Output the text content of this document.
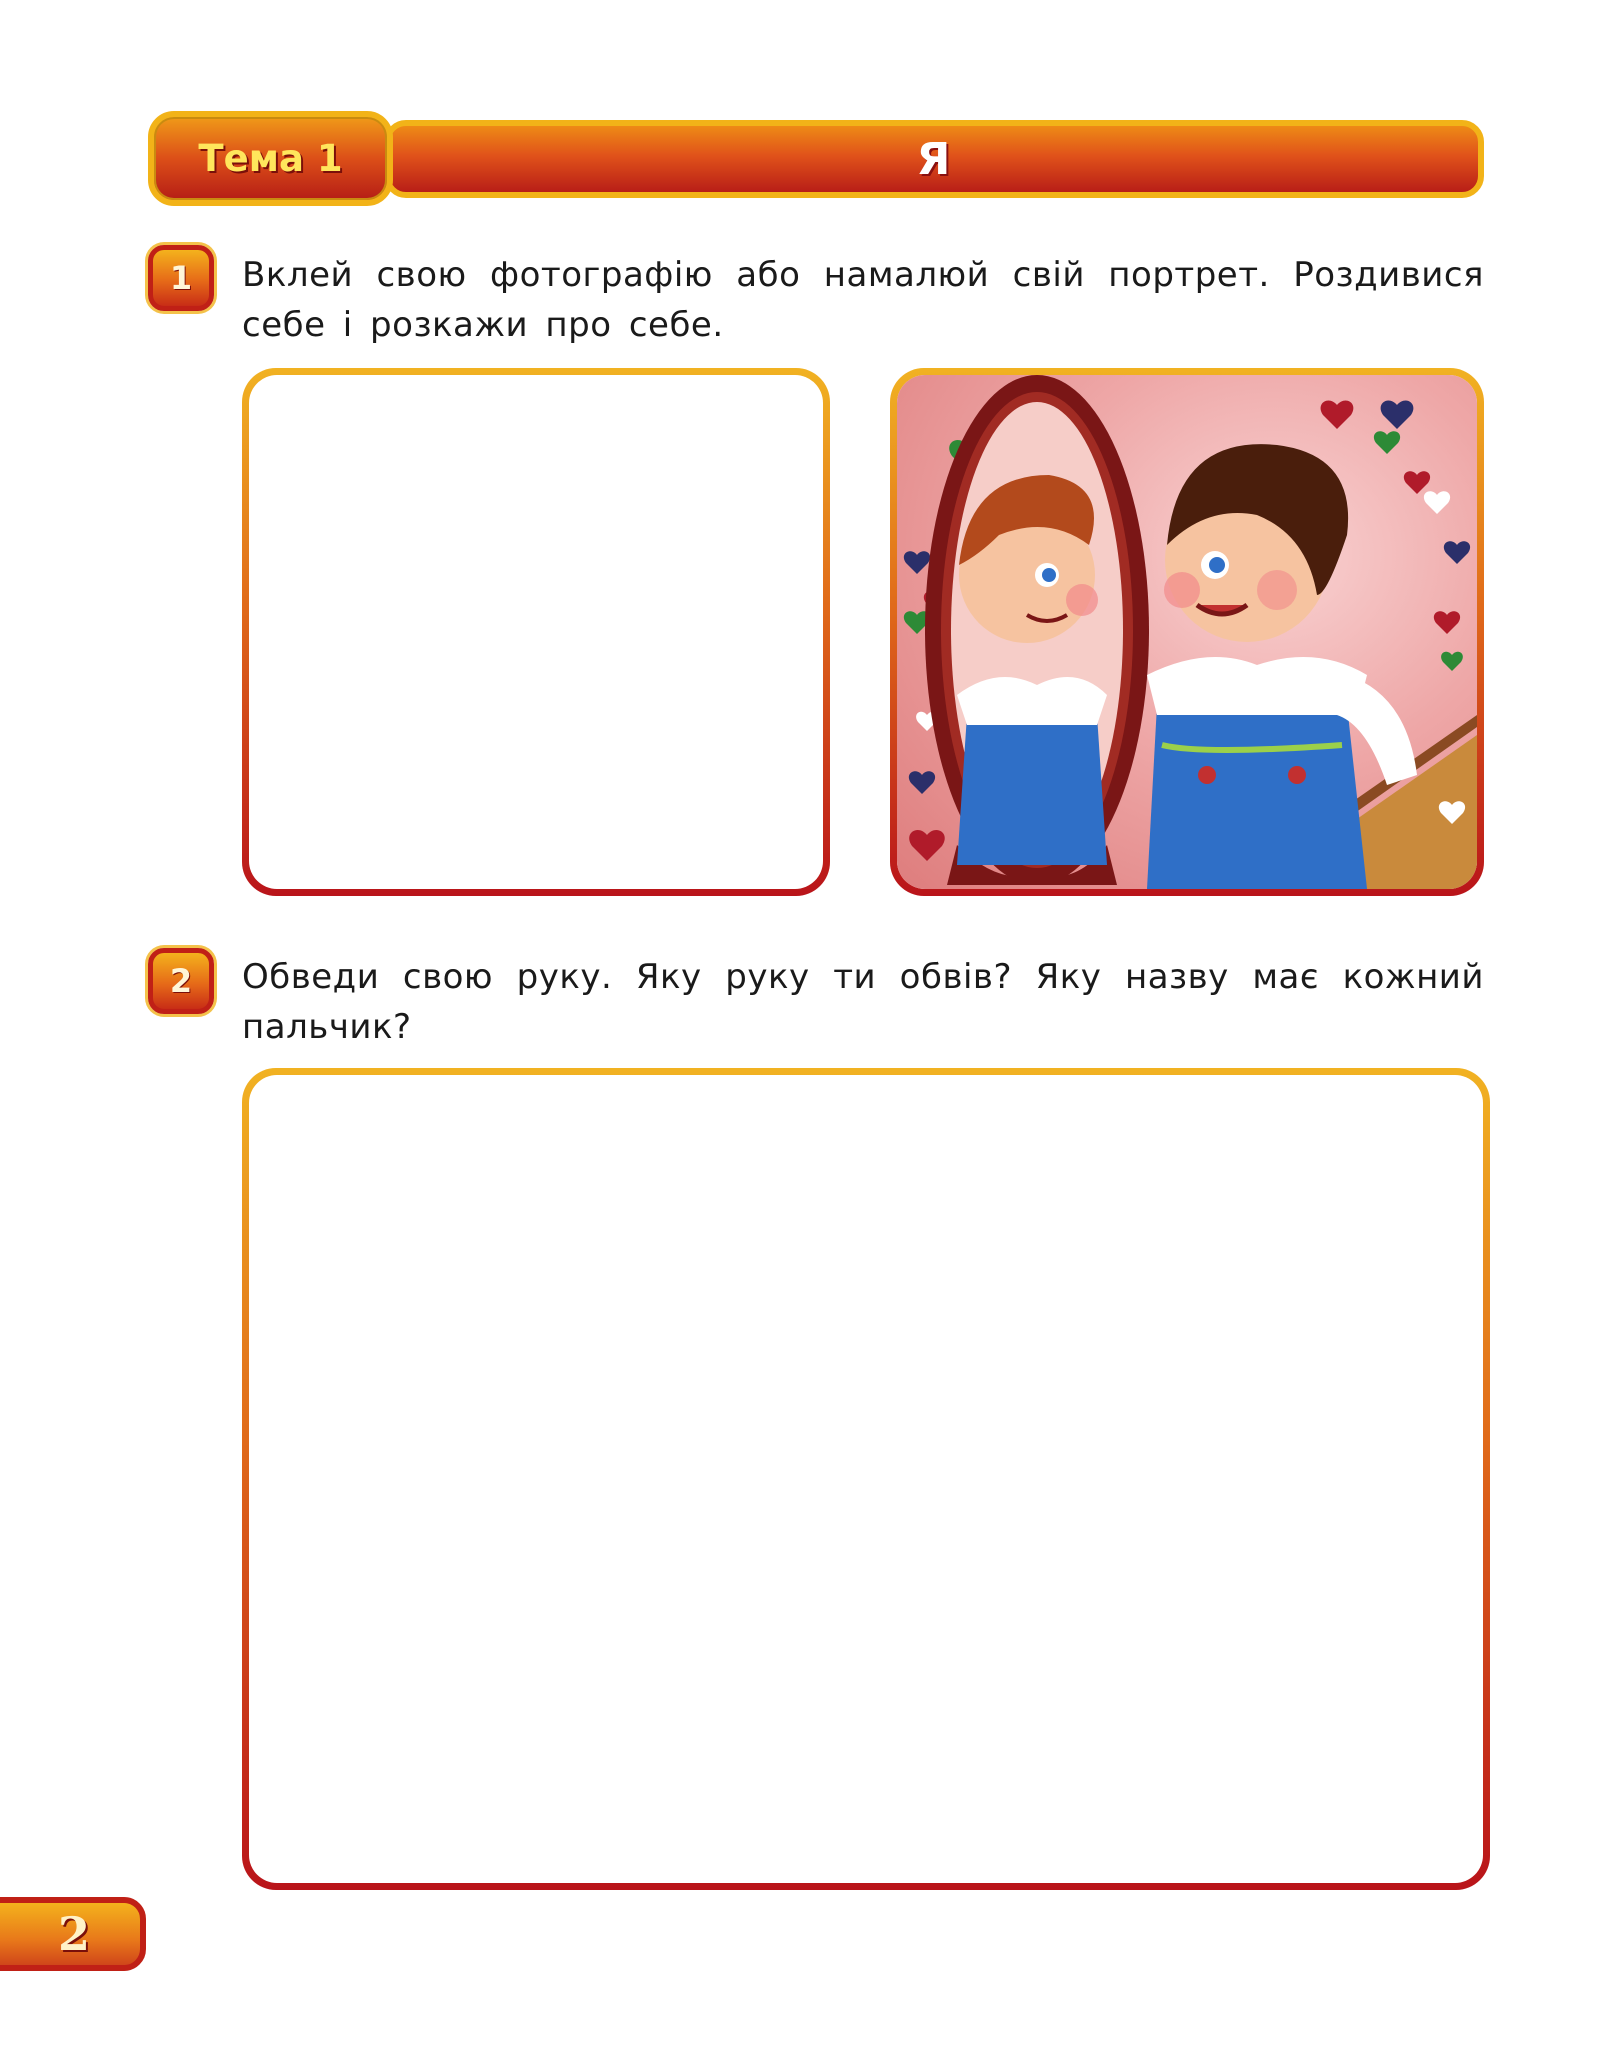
Я
Тема 1
1 Вклей свою фотографію або намалюй свій портрет. Роздивися себе і розкажи про себе.
2 Обведи свою руку. Яку руку ти обвів? Яку назву має кожний пальчик?
2
